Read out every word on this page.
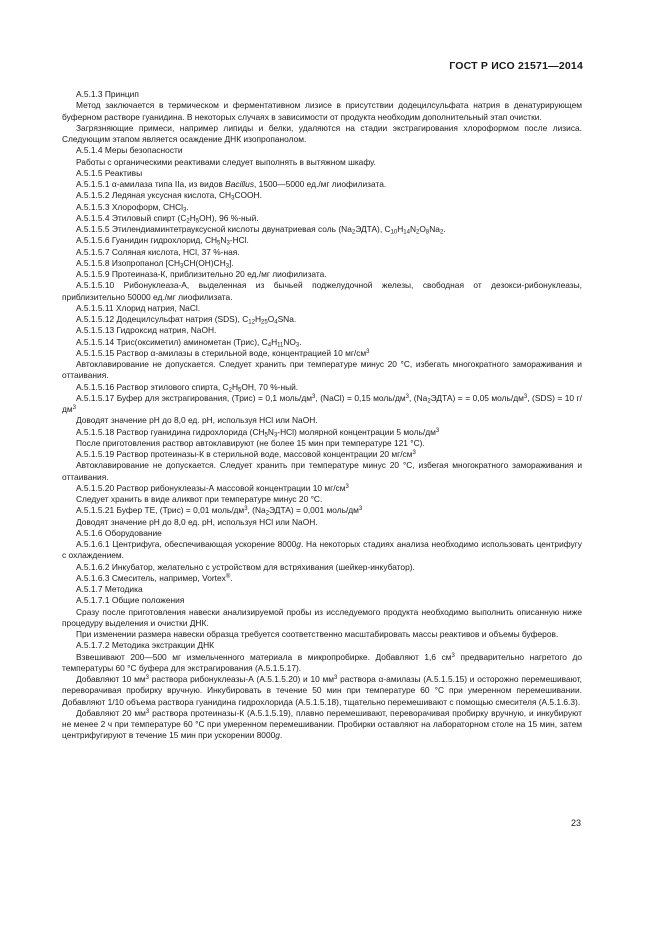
ГОСТ Р ИСО 21571—2014

A.5.1.3 Принцип

Метод заключается в термическом и ферментативном лизисе в присутствии додецилсульфата натрия в денатурирующем буферном растворе гуанидина. В некоторых случаях в зависимости от продукта необходим дополнительный этап очистки.

Загрязняющие примеси, например липиды и белки, удаляются на стадии экстрагирования хлороформом после лизиса. Следующим этапом является осаждение ДНК изопропанолом.

A.5.1.4 Меры безопасности

Работы с органическими реактивами следует выполнять в вытяжном шкафу.

A.5.1.5 Реактивы

A.5.1.5.1 α-амилаза типа IIа, из видов Bacillus, 1500—5000 ед./мг лиофилизата.

A.5.1.5.2 Ледяная уксусная кислота, $CH_3COOH$.

A.5.1.5.3 Хлороформ, CHCl$_3$.

A.5.1.5.4 Этиловый спирт $(C_2H_5OH)$, 96 %-ный.

A.5.1.5.5 Этилендиаминтетрауксусной кислоты двунатриевая соль $(Na_2ЭДТА)$, $C_{10}H_{14}N_2O_8Na_2$.

A.5.1.5.6 Гуанидин гидрохлорид, $CH_5N_3$-HCl.

A.5.1.5.7 Соляная кислота, HCl, 37 %-ная.

A.5.1.5.8 Изопропанол $[CH_3CH(OH)CH_3]$.

A.5.1.5.9 Протеиназа-К, приблизительно 20 ед./мг лиофилизата.

A.5.1.5.10 Рибонуклеаза-А, выделенная из бычьей поджелудочной железы, свободная от дезокси-рибонуклеазы, приблизительно 50000 ед./мг лиофилизата.

A.5.1.5.11 Хлорид натрия, NaCl.

A.5.1.5.12 Додецилсульфат натрия (SDS), $C_{12}H_{25}O_4SNa$.

A.5.1.5.13 Гидроксид натрия, NaOH.

A.5.1.5.14 Трис(оксиметил) аминометан (Трис), $C_4H_{11}NO_3$.

A.5.1.5.15 Раствор α-амилазы в стерильной воде, концентрацией 10 $мг/см^3$

Автоклавирование не допускается. Следует хранить при температуре минус 20 °С, избегать многократного замораживания и оттаивания.

A.5.1.5.16 Раствор этилового спирта, $C_2H_5OH$, 70 %-ный.

A.5.1.5.17 Буфер для экстрагирования, (Трис) = 0,1 моль/$дм^3$, (NaCl) = 0,15 моль/$дм^3$, $(Na_2ЭДТА)$ = = 0,05 моль/$дм^3$, (SDS) = 10 $г/дм^3$

Доводят значение pH до 8,0 ед. pH, используя HCl или NaOH.

A.5.1.5.18 Раствор гуанидина гидрохлорида $(CH_5N_3-HCl)$ молярной концентрации 5 моль/$дм^3$

После приготовления раствор автоклавируют (не более 15 мин при температуре 121 °С).

A.5.1.5.19 Раствор протеиназы-К в стерильной воде, массовой концентрации 20 $мг/см^3$

Автоклавирование не допускается. Следует хранить при температуре минус 20 °С, избегая многократного замораживания и оттаивания.

A.5.1.5.20 Раствор рибонуклеазы-А массовой концентрации 10 $мг/см^3$

Следует хранить в виде аликвот при температуре минус 20 °С.

A.5.1.5.21 Буфер ТЕ, (Трис) = 0,01 моль/$дм^3$, $(Na_2ЭДТА) = 0,001$ моль/$дм^3$

Доводят значение pH до 8,0 ед. pH, используя HCl или NaOH.

A.5.1.6 Оборудование

A.5.1.6.1 Центрифуга, обеспечивающая ускорение 8000g. На некоторых стадиях анализа необходимо использовать центрифугу с охлаждением.

A.5.1.6.2 Инкубатор, желательно с устройством для встряхивания (шейкер-инкубатор).

A.5.1.6.3 Смеситель, например, Vortex®.

A.5.1.7 Методика

A.5.1.7.1 Общие положения

Сразу после приготовления навески анализируемой пробы из исследуемого продукта необходимо выполнить описанную ниже процедуру выделения и очистки ДНК.

При изменении размера навески образца требуется соответственно масштабировать массы реактивов и объемы буферов.

A.5.1.7.2 Методика экстракции ДНК

Взвешивают 200—500 мг измельченного материала в микропробирке. Добавляют 1,6 $см^3$ предварительно нагретого до температуры 60 °С буфера для экстрагирования (А.5.1.5.17).

Добавляют 10 $мм^3$ раствора рибонуклеазы-А (А.5.1.5.20) и 10 $мм^3$ раствора α-амилазы (А.5.1.5.15) и осторожно перемешивают, переворачивая пробирку вручную. Инкубировать в течение 50 мин при температуре 60 °С при умеренном перемешивании. Добавляют 1/10 объема раствора гуанидина гидрохлорида (А.5.1.5.18), тщательно перемешивают с помощью смесителя (А.5.1.6.3).

Добавляют 20 $мм^3$ раствора протеиназы-К (А.5.1.5.19), плавно перемешивают, переворачивая пробирку вручную, и инкубируют не менее 2 ч при температуре 60 °С при умеренном перемешивании. Пробирки оставляют на лабораторном столе на 15 мин, затем центрифугируют в течение 15 мин при ускорении 8000g.

23
